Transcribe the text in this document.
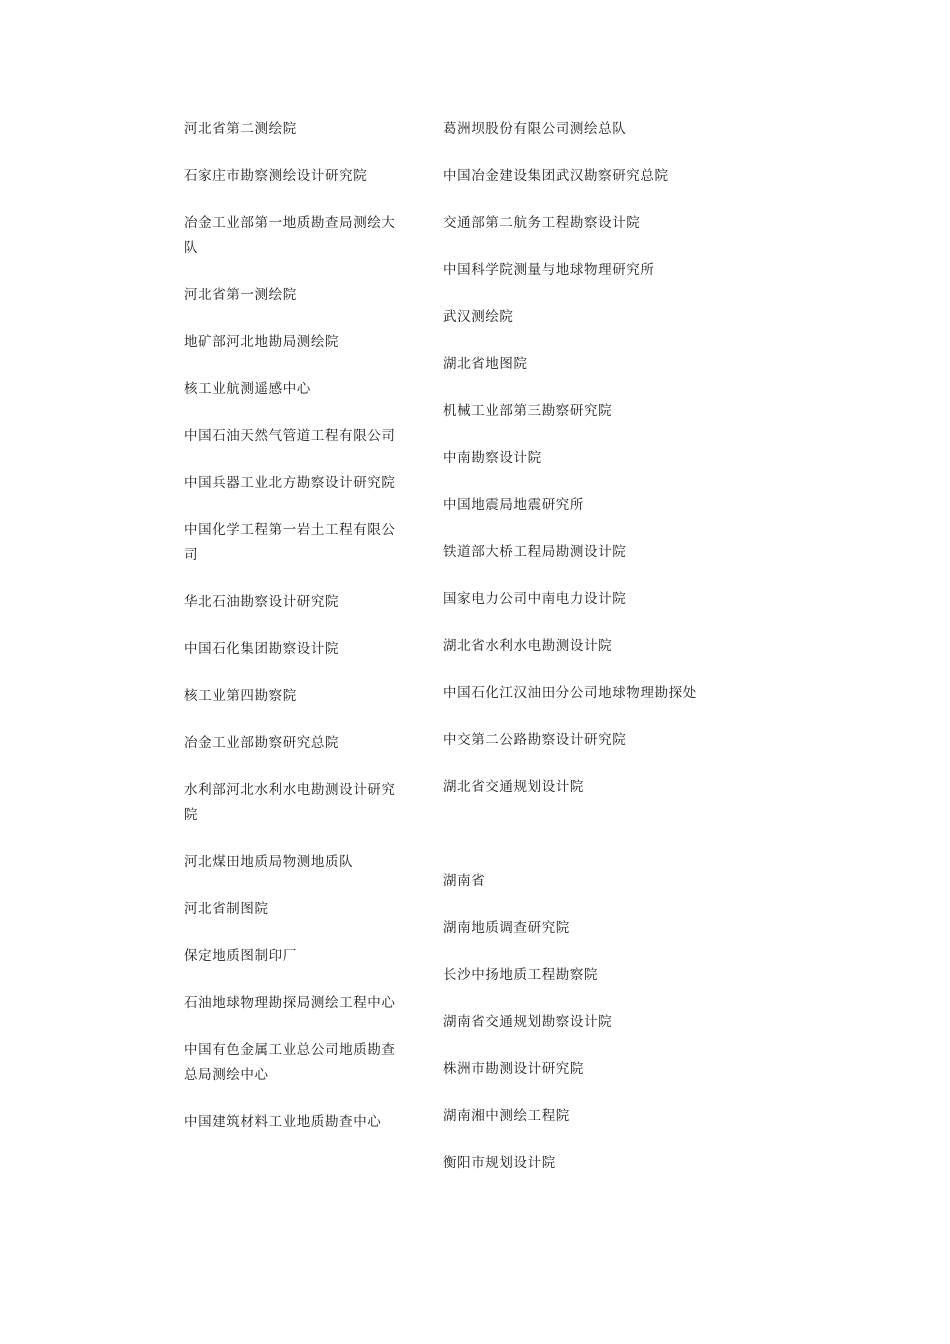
河北省第二测绘院
石家庄市勘察测绘设计研究院
冶金工业部第一地质勘查局测绘大队
河北省第一测绘院
地矿部河北地勘局测绘院
核工业航测遥感中心
中国石油天然气管道工程有限公司
中国兵器工业北方勘察设计研究院
中国化学工程第一岩土工程有限公司
华北石油勘察设计研究院
中国石化集团勘察设计院
核工业第四勘察院
冶金工业部勘察研究总院
水利部河北水利水电勘测设计研究院
河北煤田地质局物测地质队
河北省制图院
保定地质图制印厂
石油地球物理勘探局测绘工程中心
中国有色金属工业总公司地质勘查总局测绘中心
中国建筑材料工业地质勘查中心
葛洲坝股份有限公司测绘总队
中国冶金建设集团武汉勘察研究总院
交通部第二航务工程勘察设计院
中国科学院测量与地球物理研究所
武汉测绘院
湖北省地图院
机械工业部第三勘察研究院
中南勘察设计院
中国地震局地震研究所
铁道部大桥工程局勘测设计院
国家电力公司中南电力设计院
湖北省水利水电勘测设计院
中国石化江汉油田分公司地球物理勘探处
中交第二公路勘察设计研究院
湖北省交通规划设计院
湖南省
湖南地质调查研究院
长沙中扬地质工程勘察院
湖南省交通规划勘察设计院
株洲市勘测设计研究院
湖南湘中测绘工程院
衡阳市规划设计院
